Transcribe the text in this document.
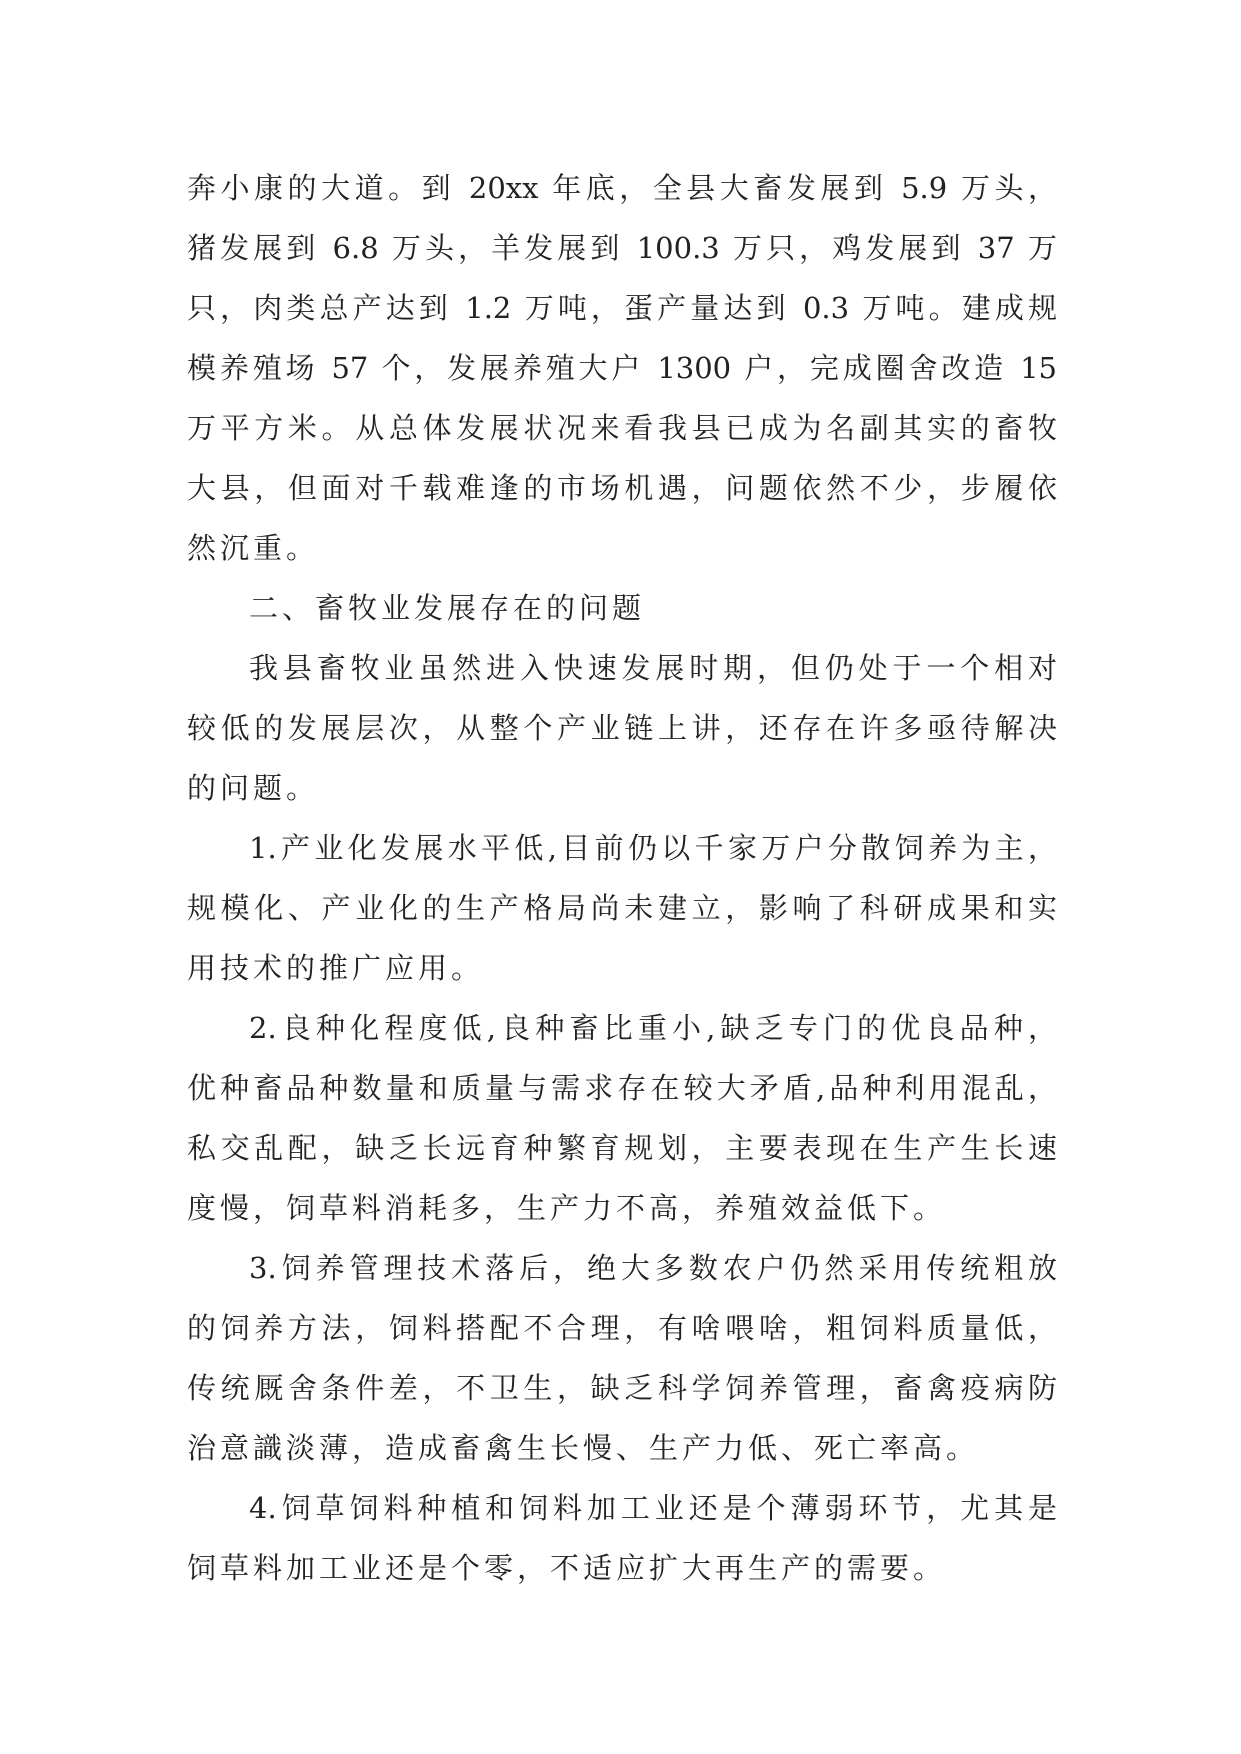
奔小康的大道。到 20xx 年底，全县大畜发展到 5.9 万头，
猪发展到 6.8 万头，羊发展到 100.3 万只，鸡发展到 37 万
只，肉类总产达到 1.2 万吨，蛋产量达到 0.3 万吨。建成规
模养殖场 57 个，发展养殖大户 1300 户，完成圈舍改造 15
万平方米。从总体发展状况来看我县已成为名副其实的畜牧
大县，但面对千载难逢的市场机遇，问题依然不少，步履依
然沉重。
二、畜牧业发展存在的问题
我县畜牧业虽然进入快速发展时期，但仍处于一个相对
较低的发展层次，从整个产业链上讲，还存在许多亟待解决
的问题。
1.产业化发展水平低,目前仍以千家万户分散饲养为主，
规模化、产业化的生产格局尚未建立，影响了科研成果和实
用技术的推广应用。
2.良种化程度低,良种畜比重小,缺乏专门的优良品种，
优种畜品种数量和质量与需求存在较大矛盾,品种利用混乱，
私交乱配，缺乏长远育种繁育规划，主要表现在生产生长速
度慢，饲草料消耗多，生产力不高，养殖效益低下。
3.饲养管理技术落后，绝大多数农户仍然采用传统粗放
的饲养方法，饲料搭配不合理，有啥喂啥，粗饲料质量低，
传统厩舍条件差，不卫生，缺乏科学饲养管理，畜禽疫病防
治意識淡薄，造成畜禽生长慢、生产力低、死亡率高。
4.饲草饲料种植和饲料加工业还是个薄弱环节，尤其是
饲草料加工业还是个零，不适应扩大再生产的需要。
